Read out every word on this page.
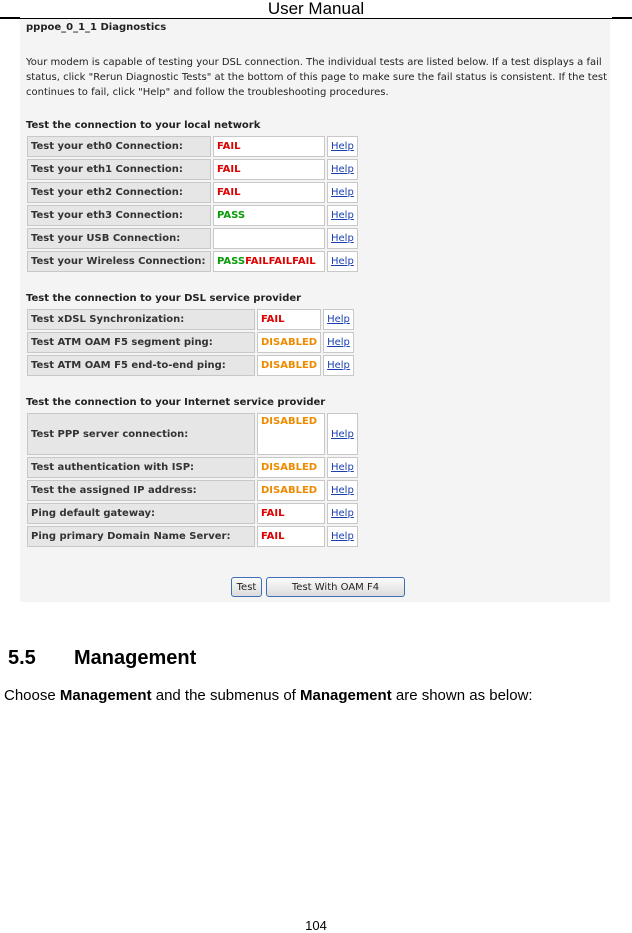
User Manual
pppoe_0_1_1 Diagnostics
Your modem is capable of testing your DSL connection. The individual tests are listed below. If a test displays a fail status, click "Rerun Diagnostic Tests" at the bottom of this page to make sure the fail status is consistent. If the test continues to fail, click "Help" and follow the troubleshooting procedures.
Test the connection to your local network
Test your eth0 Connection:	FAIL	Help
Test your eth1 Connection:	FAIL	Help
Test your eth2 Connection:	FAIL	Help
Test your eth3 Connection:	PASS	Help
Test your USB Connection:		Help
Test your Wireless Connection:	PASSFAILFAILFAIL	Help
Test the connection to your DSL service provider
Test xDSL Synchronization:	FAIL	Help
Test ATM OAM F5 segment ping:	DISABLED	Help
Test ATM OAM F5 end-to-end ping:	DISABLED	Help
Test the connection to your Internet service provider
Test PPP server connection:	DISABLED	Help
Test authentication with ISP:	DISABLED	Help
Test the assigned IP address:	DISABLED	Help
Ping default gateway:	FAIL	Help
Ping primary Domain Name Server:	FAIL	Help
Test	Test With OAM F4
5.5 Management
Choose Management and the submenus of Management are shown as below:
104
